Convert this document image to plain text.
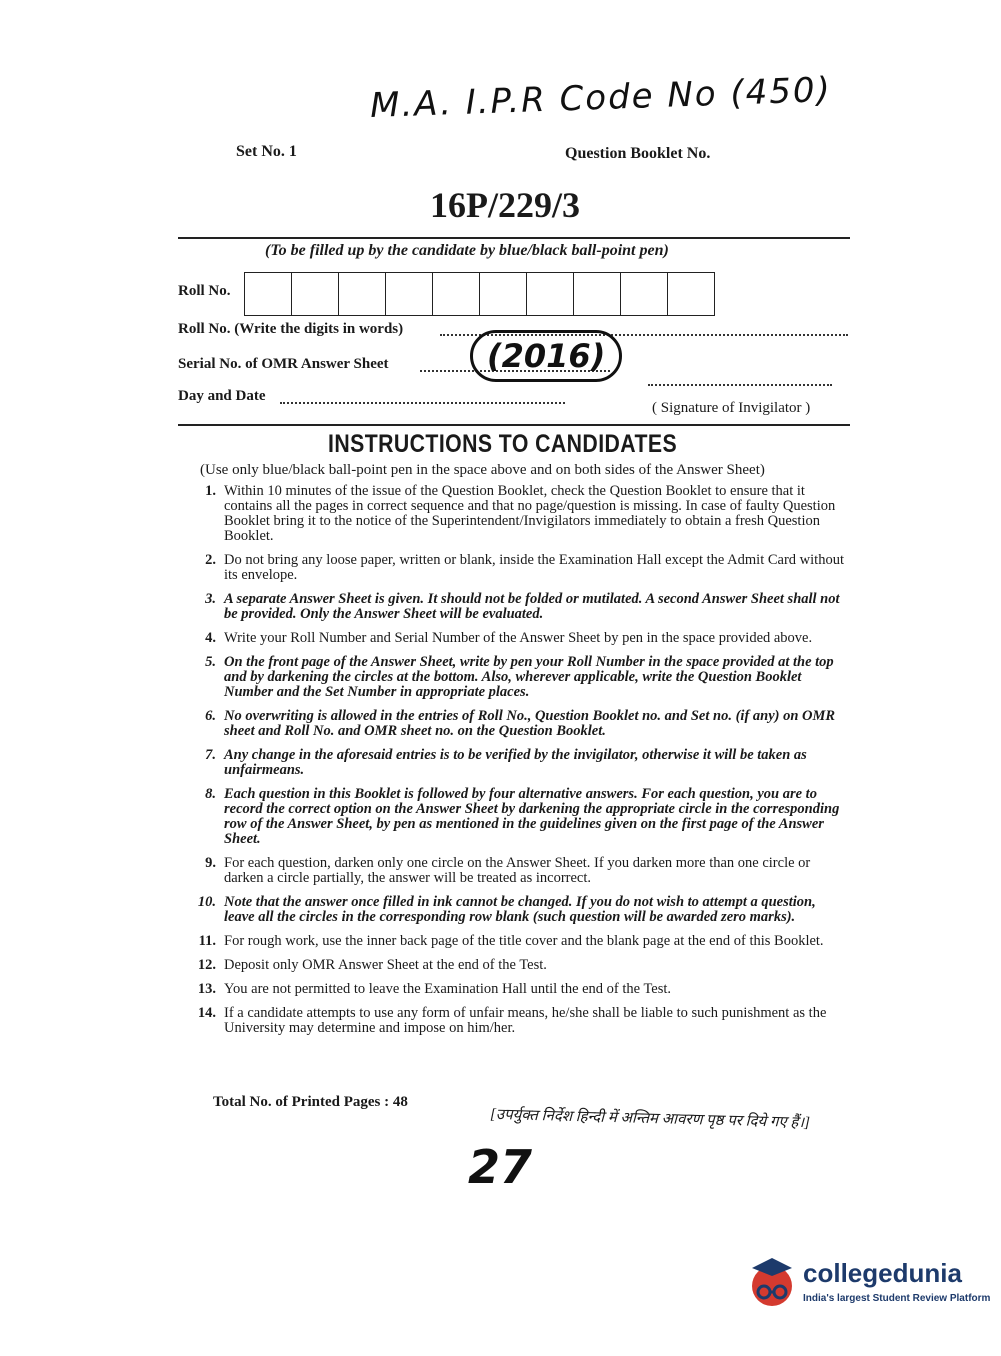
M.A. I.P.R Code No (450)
Set No. 1	Question Booklet No.
16P/229/3
(To be filled up by the candidate by blue/black ball-point pen)
Roll No.
Roll No. (Write the digits in words)
Serial No. of OMR Answer Sheet	(2016)
Day and Date
( Signature of Invigilator )
INSTRUCTIONS TO CANDIDATES
(Use only blue/black ball-point pen in the space above and on both sides of the Answer Sheet)
1. Within 10 minutes of the issue of the Question Booklet, check the Question Booklet to ensure that it contains all the pages in correct sequence and that no page/question is missing. In case of faulty Question Booklet bring it to the notice of the Superintendent/Invigilators immediately to obtain a fresh Question Booklet.
2. Do not bring any loose paper, written or blank, inside the Examination Hall except the Admit Card without its envelope.
3. A separate Answer Sheet is given. It should not be folded or mutilated. A second Answer Sheet shall not be provided. Only the Answer Sheet will be evaluated.
4. Write your Roll Number and Serial Number of the Answer Sheet by pen in the space provided above.
5. On the front page of the Answer Sheet, write by pen your Roll Number in the space provided at the top and by darkening the circles at the bottom. Also, wherever applicable, write the Question Booklet Number and the Set Number in appropriate places.
6. No overwriting is allowed in the entries of Roll No., Question Booklet no. and Set no. (if any) on OMR sheet and Roll No. and OMR sheet no. on the Question Booklet.
7. Any change in the aforesaid entries is to be verified by the invigilator, otherwise it will be taken as unfairmeans.
8. Each question in this Booklet is followed by four alternative answers. For each question, you are to record the correct option on the Answer Sheet by darkening the appropriate circle in the corresponding row of the Answer Sheet, by pen as mentioned in the guidelines given on the first page of the Answer Sheet.
9. For each question, darken only one circle on the Answer Sheet. If you darken more than one circle or darken a circle partially, the answer will be treated as incorrect.
10. Note that the answer once filled in ink cannot be changed. If you do not wish to attempt a question, leave all the circles in the corresponding row blank (such question will be awarded zero marks).
11. For rough work, use the inner back page of the title cover and the blank page at the end of this Booklet.
12. Deposit only OMR Answer Sheet at the end of the Test.
13. You are not permitted to leave the Examination Hall until the end of the Test.
14. If a candidate attempts to use any form of unfair means, he/she shall be liable to such punishment as the University may determine and impose on him/her.
Total No. of Printed Pages : 48
[उपर्युक्त निर्देश हिन्दी में अन्तिम आवरण पृष्ठ पर दिये गए हैं।]
27
collegedunia
India's largest Student Review Platform
